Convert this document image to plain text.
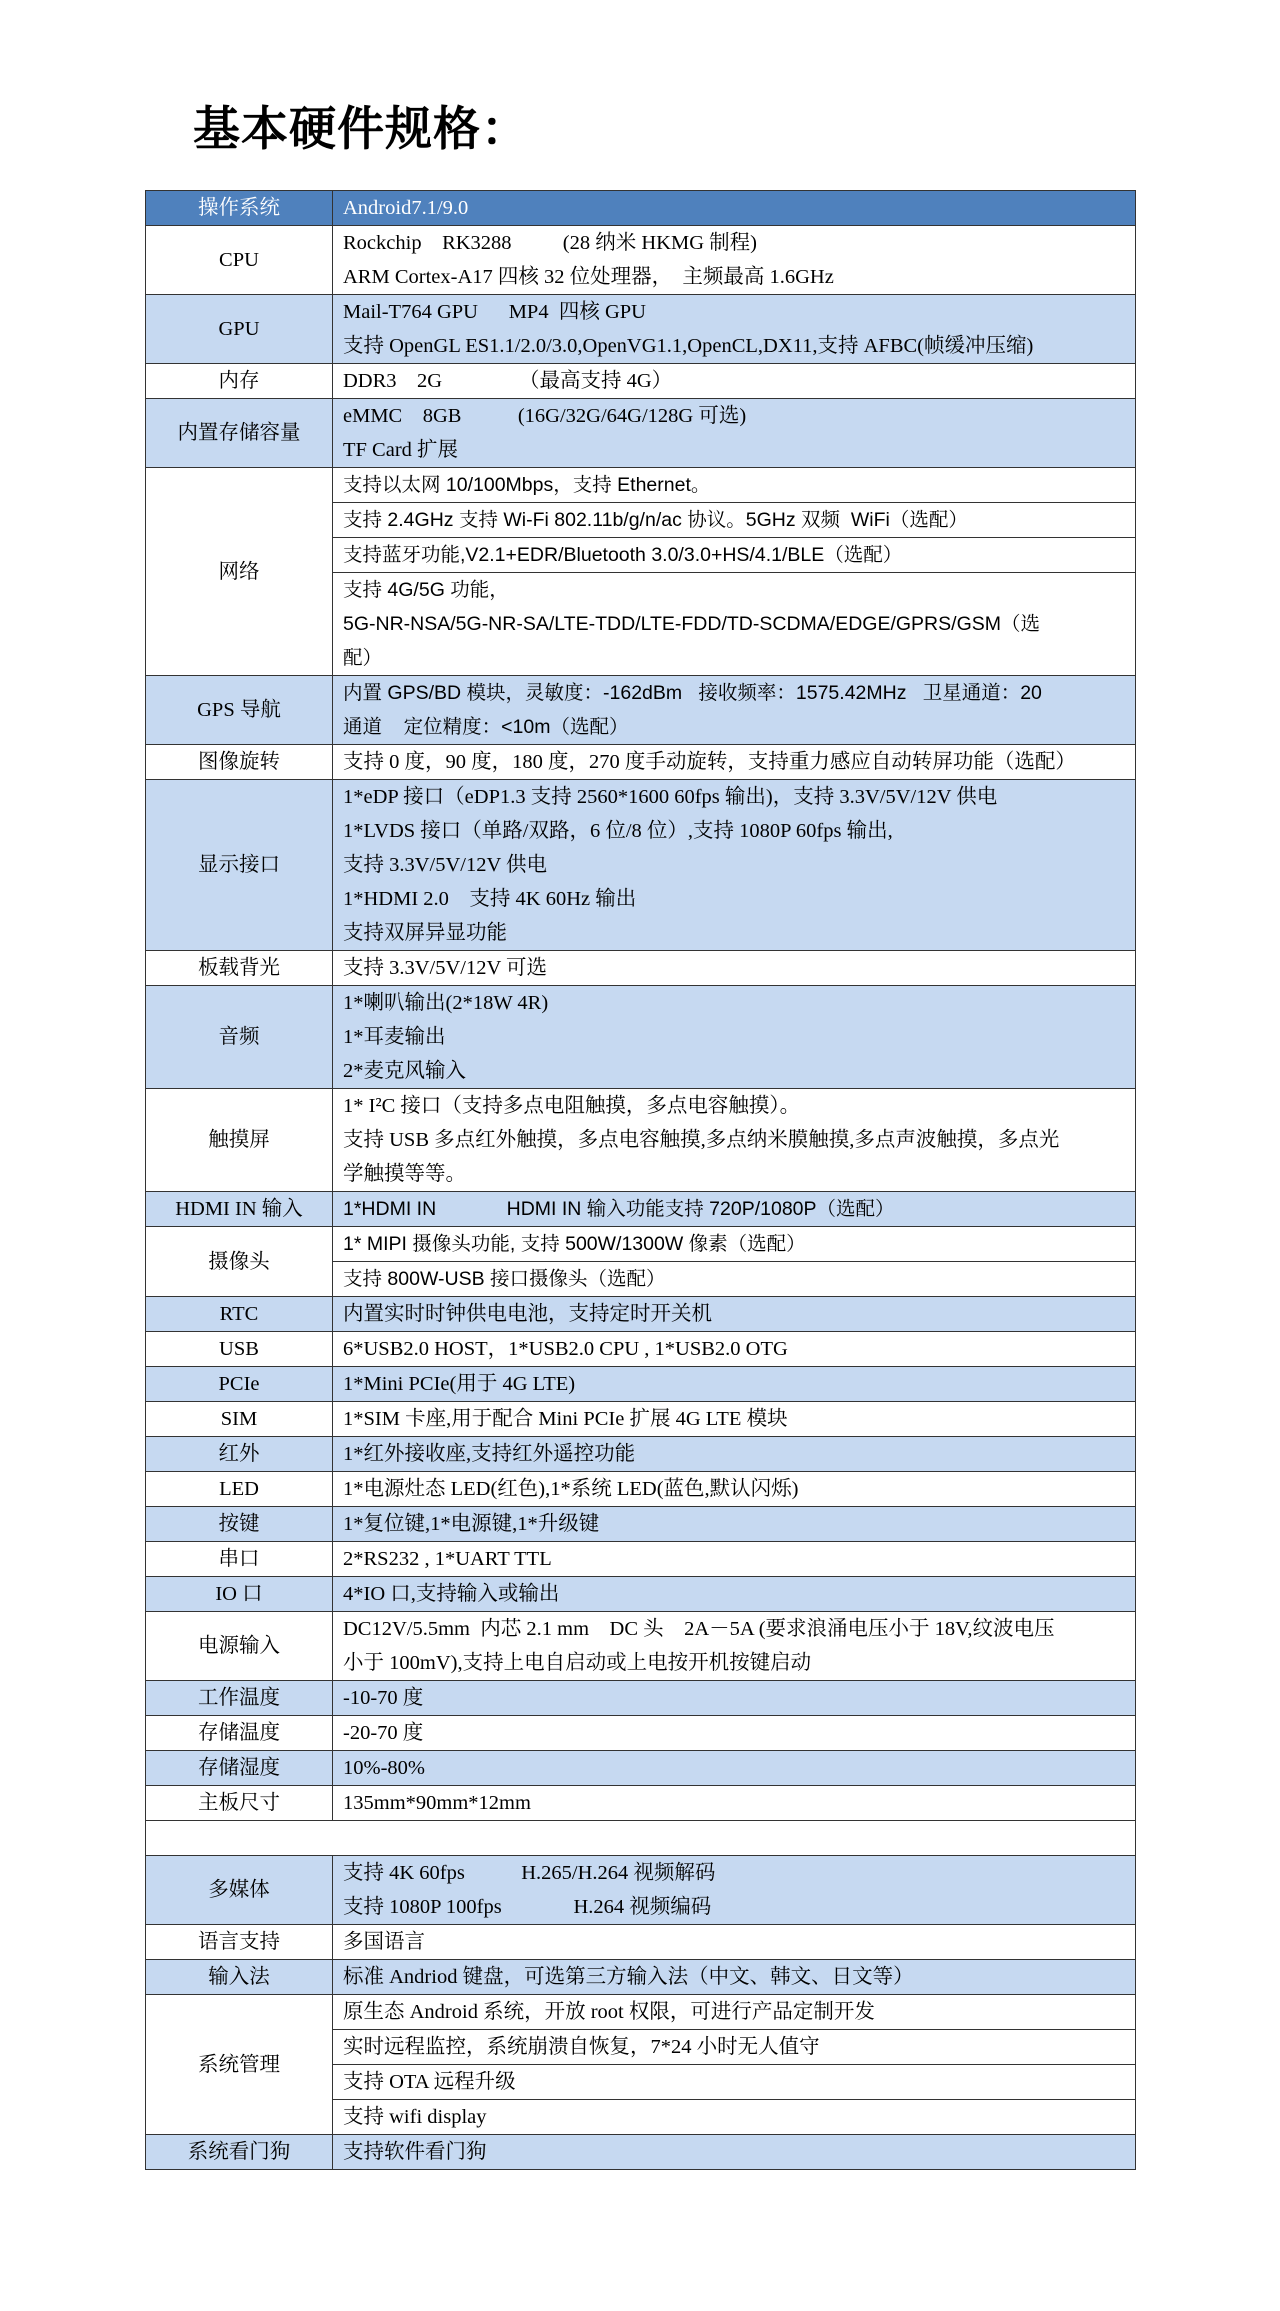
基本硬件规格：
操作系统	Android7.1/9.0

CPU	Rockchip    RK3288          (28 纳米 HKMG 制程)
ARM Cortex-A17 四核 32 位处理器，  主频最高 1.6GHz

GPU	Mail-T764 GPU      MP4  四核 GPU
支持 OpenGL ES1.1/2.0/3.0,OpenVG1.1,OpenCL,DX11,支持 AFBC(帧缓冲压缩)

内存	DDR3    2G               （最高支持 4G）

内置存储容量	eMMC    8GB           (16G/32G/64G/128G 可选)
TF Card 扩展

网络	支持以太网 10/100Mbps，支持 Ethernet。

	支持 2.4GHz 支持 Wi-Fi 802.11b/g/n/ac 协议。5GHz 双频  WiFi（选配）

	支持蓝牙功能,V2.1+EDR/Bluetooth 3.0/3.0+HS/4.1/BLE（选配）

	支持 4G/5G 功能，
5G-NR-NSA/5G-NR-SA/LTE-TDD/LTE-FDD/TD-SCDMA/EDGE/GPRS/GSM（选
配）

GPS 导航	内置 GPS/BD 模块，灵敏度：-162dBm   接收频率：1575.42MHz   卫星通道：20
通道    定位精度：<10m（选配）

图像旋转	支持 0 度，90 度，180 度，270 度手动旋转，支持重力感应自动转屏功能（选配）

显示接口	1*eDP 接口（eDP1.3 支持 2560*1600 60fps 输出)，支持 3.3V/5V/12V 供电
1*LVDS 接口（单路/双路，6 位/8 位）,支持 1080P 60fps 输出,
支持 3.3V/5V/12V 供电
1*HDMI 2.0    支持 4K 60Hz 输出
支持双屏异显功能

板载背光	支持 3.3V/5V/12V 可选

音频	1*喇叭输出(2*18W 4R)
1*耳麦输出
2*麦克风输入

触摸屏	1* I²C 接口（支持多点电阻触摸，多点电容触摸）。
支持 USB 多点红外触摸，多点电容触摸,多点纳米膜触摸,多点声波触摸，多点光
学触摸等等。

HDMI IN 输入	1*HDMI IN             HDMI IN 输入功能支持 720P/1080P（选配）

摄像头	1* MIPI 摄像头功能, 支持 500W/1300W 像素（选配）

	支持 800W-USB 接口摄像头（选配）

RTC	内置实时时钟供电电池，支持定时开关机

USB	6*USB2.0 HOST，1*USB2.0 CPU , 1*USB2.0 OTG

PCIe	1*Mini PCIe(用于 4G LTE)

SIM	1*SIM 卡座,用于配合 Mini PCIe 扩展 4G LTE 模块

红外	1*红外接收座,支持红外遥控功能

LED	1*电源灶态 LED(红色),1*系统 LED(蓝色,默认闪烁)

按键	1*复位键,1*电源键,1*升级键

串口	2*RS232 , 1*UART TTL

IO 口	4*IO 口,支持输入或输出

电源输入	DC12V/5.5mm  内芯 2.1 mm    DC 头    2A－5A (要求浪涌电压小于 18V,纹波电压
小于 100mV),支持上电自启动或上电按开机按键启动

工作温度	-10-70 度

存储温度	-20-70 度

存储湿度	10%-80%

主板尺寸	135mm*90mm*12mm

多媒体	支持 4K 60fps           H.265/H.264 视频解码
支持 1080P 100fps              H.264 视频编码

语言支持	多国语言

输入法	标准 Andriod 键盘，可选第三方输入法（中文、韩文、日文等）

系统管理	原生态 Android 系统，开放 root 权限，可进行产品定制开发

	实时远程监控，系统崩溃自恢复，7*24 小时无人值守

	支持 OTA 远程升级

	支持 wifi display

系统看门狗	支持软件看门狗
